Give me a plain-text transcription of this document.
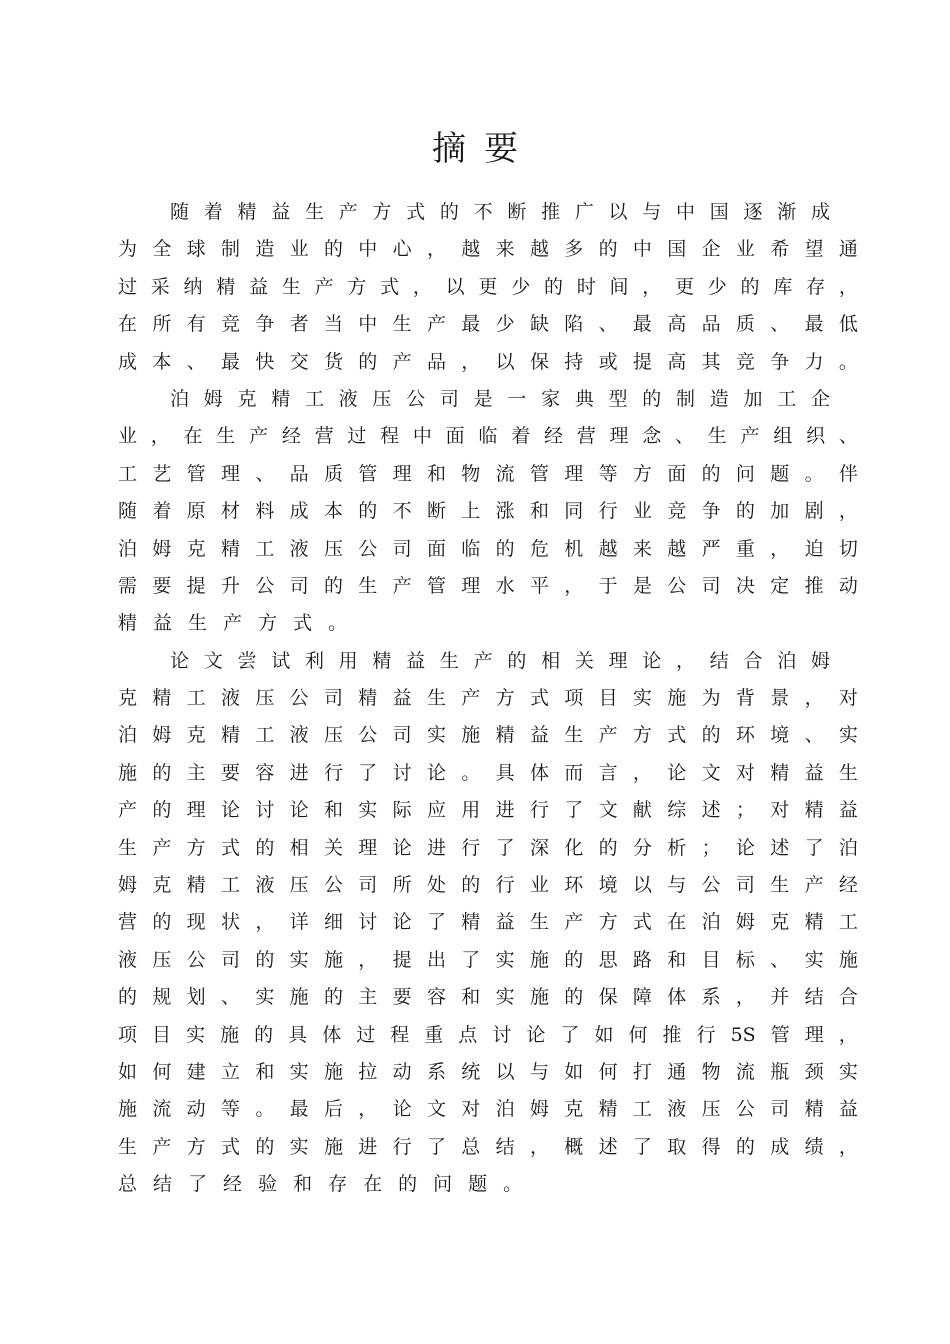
摘要

随 着 精 益 生 产 方 式 的 不 断 推 广 以 与 中 国 逐 渐 成

为 全 球 制 造 业 的 中 心 ， 越 来 越 多 的 中 国 企 业 希 望 通

过 采 纳 精 益 生 产 方 式 ， 以 更 少 的 时 间 ， 更 少 的 库 存 ，

在 所 有 竞 争 者 当 中 生 产 最 少 缺 陷 、 最 高 品 质 、 最 低

成 本 、 最 快 交 货 的 产 品 ， 以 保 持 或 提 高 其 竞 争 力 。

泊 姆 克 精 工 液 压 公 司 是 一 家 典 型 的 制 造 加 工 企

业 ， 在 生 产 经 营 过 程 中 面 临 着 经 营 理 念 、 生 产 组 织 、

工 艺 管 理 、 品 质 管 理 和 物 流 管 理 等 方 面 的 问 题 。 伴

随 着 原 材 料 成 本 的 不 断 上 涨 和 同 行 业 竞 争 的 加 剧 ，

泊 姆 克 精 工 液 压 公 司 面 临 的 危 机 越 来 越 严 重 ， 迫 切

需 要 提 升 公 司 的 生 产 管 理 水 平 ， 于 是 公 司 决 定 推 动

精 益 生 产 方 式 。

论 文 尝 试 利 用 精 益 生 产 的 相 关 理 论 ， 结 合 泊 姆

克 精 工 液 压 公 司 精 益 生 产 方 式 项 目 实 施 为 背 景 ， 对

泊 姆 克 精 工 液 压 公 司 实 施 精 益 生 产 方 式 的 环 境 、 实

施 的 主 要 容 进 行 了 讨 论 。 具 体 而 言 ， 论 文 对 精 益 生

产 的 理 论 讨 论 和 实 际 应 用 进 行 了 文 献 综 述 ； 对 精 益

生 产 方 式 的 相 关 理 论 进 行 了 深 化 的 分 析 ； 论 述 了 泊

姆 克 精 工 液 压 公 司 所 处 的 行 业 环 境 以 与 公 司 生 产 经

营 的 现 状 ， 详 细 讨 论 了 精 益 生 产 方 式 在 泊 姆 克 精 工

液 压 公 司 的 实 施 ， 提 出 了 实 施 的 思 路 和 目 标 、 实 施

的 规 划 、 实 施 的 主 要 容 和 实 施 的 保 障 体 系 ， 并 结 合

项 目 实 施 的 具 体 过 程 重 点 讨 论 了 如 何 推 行 5S 管 理 ，

如 何 建 立 和 实 施 拉 动 系 统 以 与 如 何 打 通 物 流 瓶 颈 实

施 流 动 等 。 最 后 ， 论 文 对 泊 姆 克 精 工 液 压 公 司 精 益

生 产 方 式 的 实 施 进 行 了 总 结 ， 概 述 了 取 得 的 成 绩 ，

总 结 了 经 验 和 存 在 的 问 题 。
